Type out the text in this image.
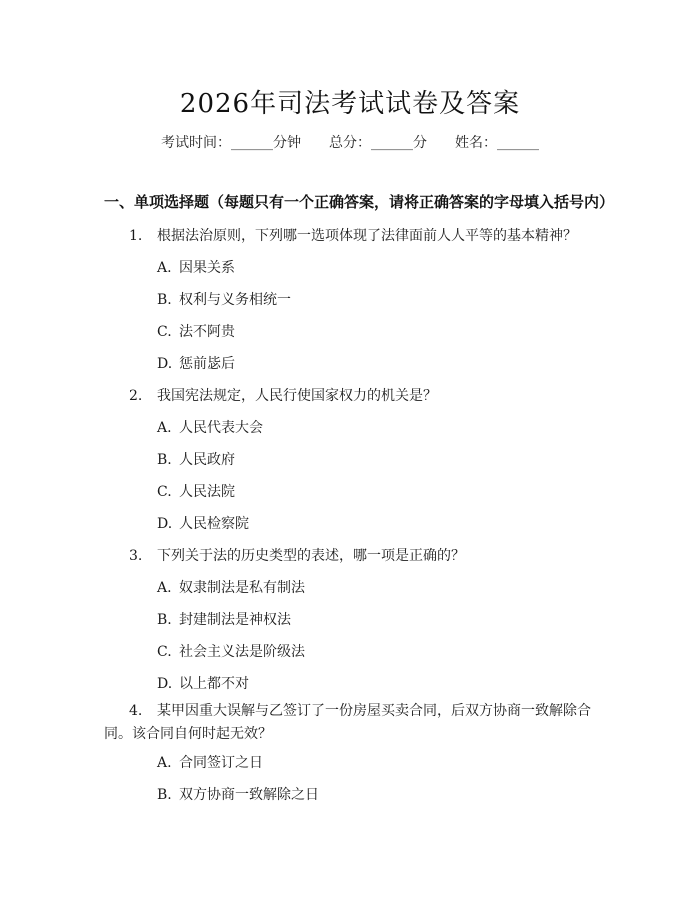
2026年司法考试试卷及答案
考试时间：______分钟 总分：______分 姓名：______
一、单项选择题（每题只有一个正确答案，请将正确答案的字母填入括号内）
1. 根据法治原则，下列哪一选项体现了法律面前人人平等的基本精神？
A. 因果关系
B. 权利与义务相统一
C. 法不阿贵
D. 惩前毖后
2. 我国宪法规定，人民行使国家权力的机关是？
A. 人民代表大会
B. 人民政府
C. 人民法院
D. 人民检察院
3. 下列关于法的历史类型的表述，哪一项是正确的？
A. 奴隶制法是私有制法
B. 封建制法是神权法
C. 社会主义法是阶级法
D. 以上都不对
4. 某甲因重大误解与乙签订了一份房屋买卖合同，后双方协商一致解除合同。该合同自何时起无效？
A. 合同签订之日
B. 双方协商一致解除之日
